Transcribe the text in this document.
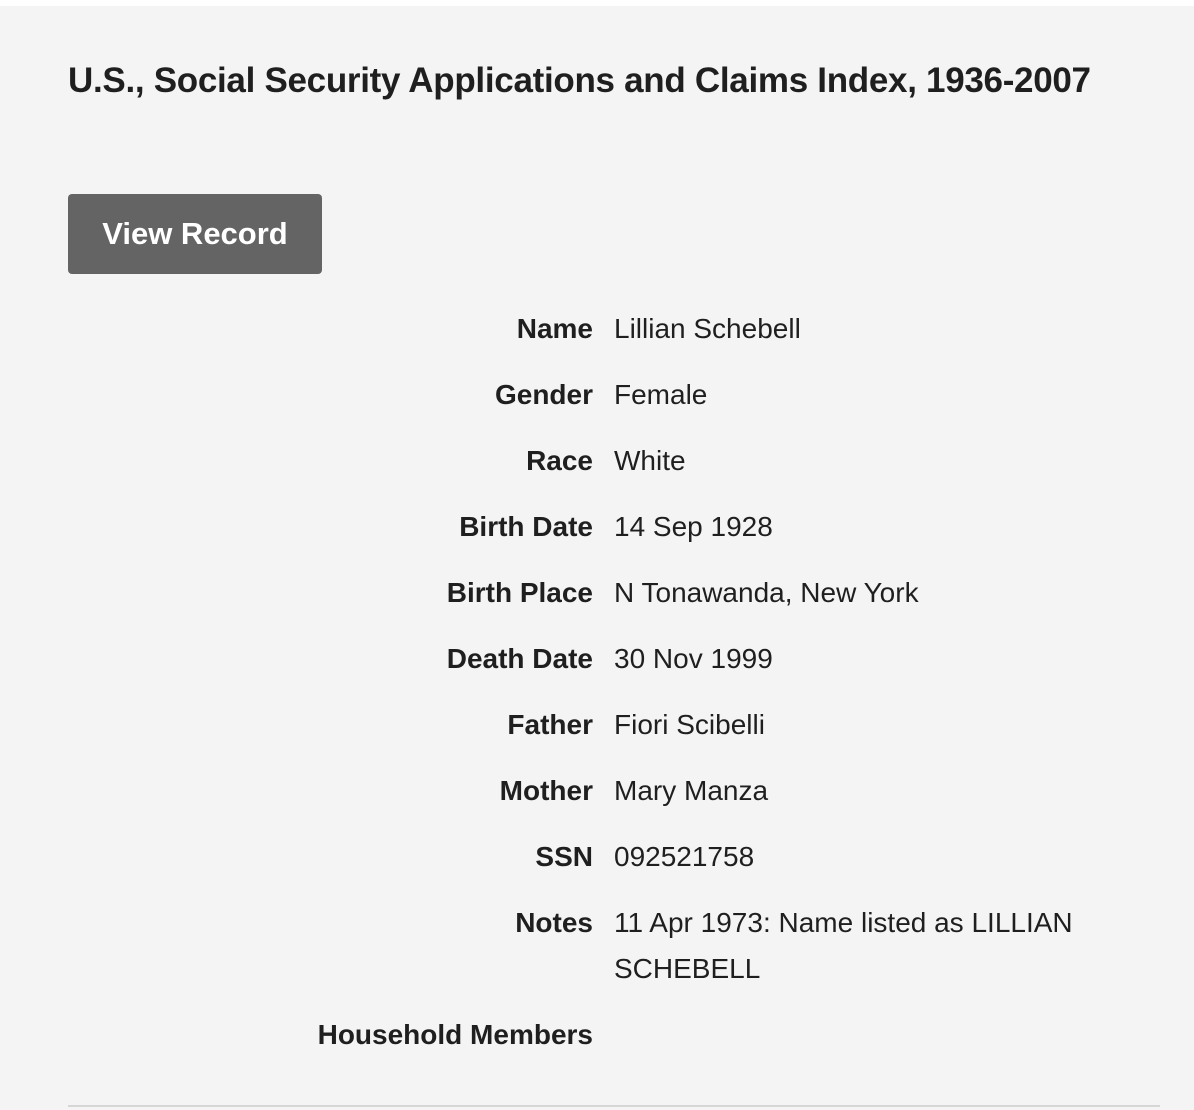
U.S., Social Security Applications and Claims Index, 1936-2007
View Record
Name Lillian Schebell
Gender Female
Race White
Birth Date 14 Sep 1928
Birth Place N Tonawanda, New York
Death Date 30 Nov 1999
Father Fiori Scibelli
Mother Mary Manza
SSN 092521758
Notes 11 Apr 1973: Name listed as LILLIAN SCHEBELL
Household Members
